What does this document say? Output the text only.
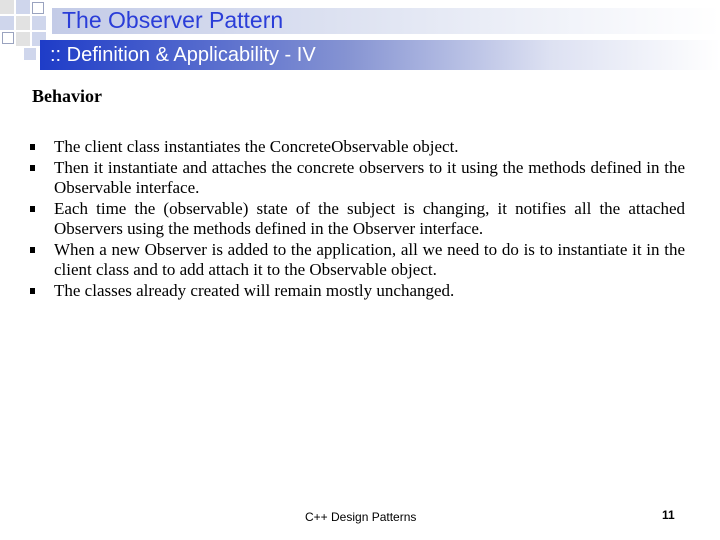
The Observer Pattern
:: Definition & Applicability - IV
Behavior
The client class instantiates the ConcreteObservable object.
Then it instantiate and attaches the concrete observers to it using the methods defined in the Observable interface.
Each time the (observable) state of the subject is changing, it notifies all the attached Observers using the methods defined in the Observer interface.
When a new Observer is added to the application, all we need to do is to instantiate it in the client class and to add attach it to the Observable object.
The classes already created will remain mostly unchanged.
C++ Design Patterns	11
